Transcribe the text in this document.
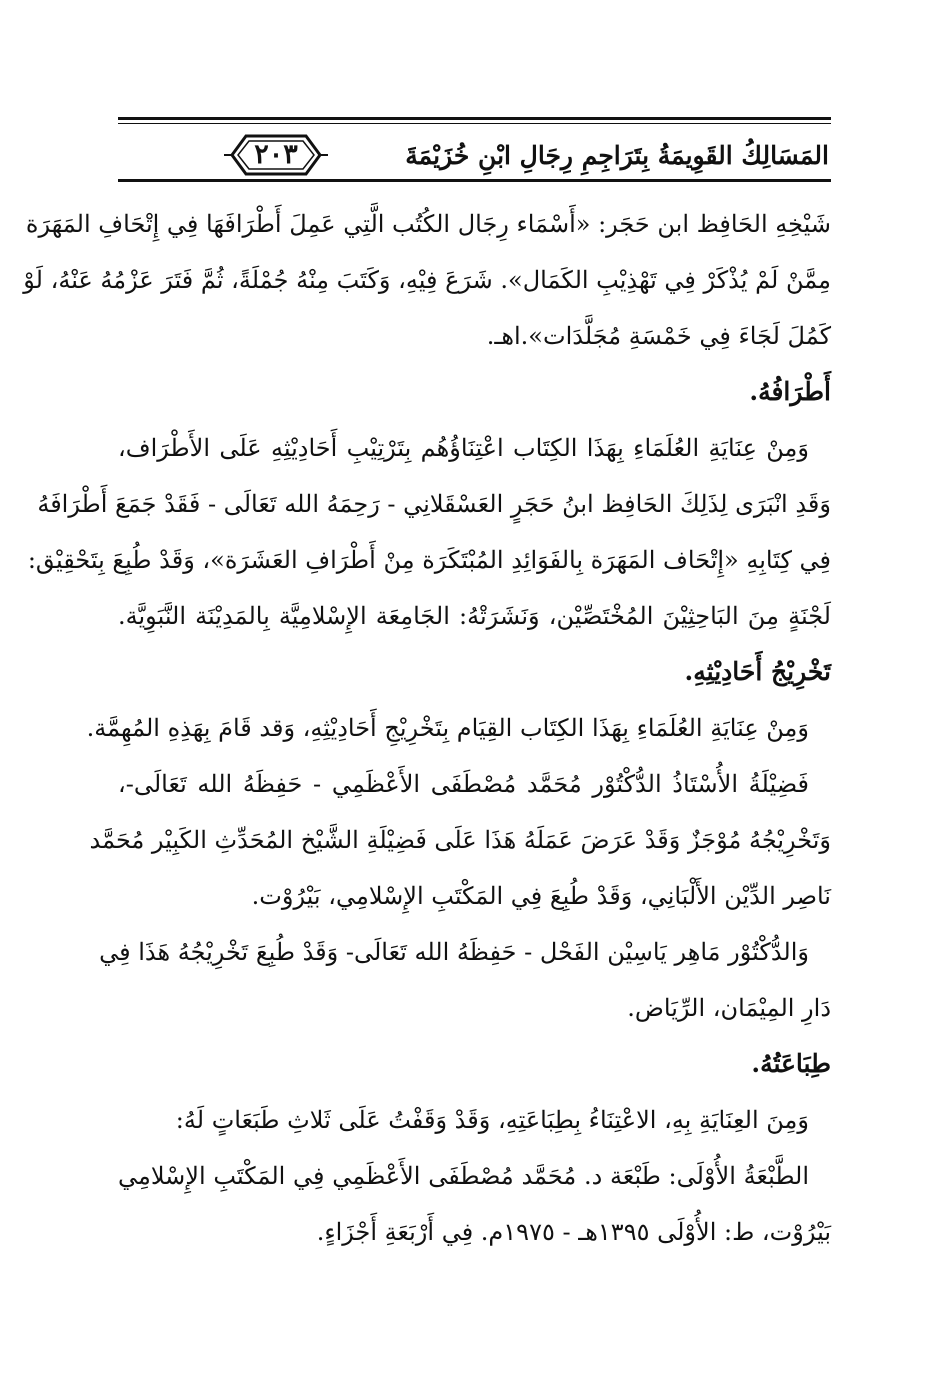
المَسَالِكُ القَوِيمَةُ بِتَرَاجِمِ رِجَالِ ابْنِ خُزَيْمَةَ
٢٠٣
شَيْخِهِ الحَافِظ ابن حَجَر: «أَسْمَاء رِجَال الكُتُب الَّتِي عَمِلَ أَطْرَافَهَا فِي إِتْحَافِ المَهَرَة
مِمَّنْ لَمْ يُذْكَرْ فِي تَهْذِيْبِ الكَمَال». شَرَعَ فِيْهِ، وَكَتَبَ مِنْهُ جُمْلَةً، ثُمَّ فَتَرَ عَزْمُهُ عَنْهُ، لَوْ
كَمُلَ لَجَاءَ فِي خَمْسَةِ مُجَلَّدَات».اهـ.
أَطْرَافُهُ.
وَمِنْ عِنَايَةِ العُلَمَاءِ بِهَذَا الكِتَاب اعْتِنَاؤُهُم بِتَرْتِيْبِ أَحَادِيْثِهِ عَلَى الأَطْرَاف،
وَقَدِ انْبَرَى لِذَلِكَ الحَافِظ ابنُ حَجَرٍ العَسْقَلانِي - رَحِمَهُ الله تَعَالَى - فَقَدْ جَمَعَ أَطْرَافَهُ
فِي كِتَابِهِ «إِتْحَاف المَهَرَة بِالفَوَائِدِ المُبْتَكَرَة مِنْ أَطْرَافِ العَشَرَة»، وَقَدْ طُبِعَ بِتَحْقِيْق:
لَجْنَةٍ مِنَ البَاحِثِيْنَ المُخْتَصِّيْن، وَنَشَرَتْهُ: الجَامِعَة الإِسْلامِيَّة بِالمَدِيْنَة النَّبَوِيَّة.
تَخْرِيْجُ أَحَادِيْثِهِ.
وَمِنْ عِنَايَةِ العُلَمَاءِ بِهَذَا الكِتَاب القِيَام بِتَخْرِيْجِ أَحَادِيْثِهِ، وَقد قَامَ بِهَذِهِ المُهِمَّة.
فَضِيْلَةُ الأُسْتَاذُ الدُّكْتُوْر مُحَمَّد مُصْطَفَى الأَعْظَمِي - حَفِظَهُ الله تَعَالَى-،
وَتَخْرِيْجُهُ مُوْجَزٌ وَقَدْ عَرَضَ عَمَلَهُ هَذَا عَلَى فَضِيْلَةِ الشَّيْخ المُحَدِّثِ الكَبِيْر مُحَمَّد
نَاصِر الدِّيْن الأَلْبَانِي، وَقَدْ طُبِعَ فِي المَكْتَبِ الإِسْلامِي، بَيْرُوْت.
وَالدُّكْتُوْر مَاهِر يَاسِيْن الفَحْل - حَفِظَهُ الله تَعَالَى- وَقَدْ طُبِعَ تَخْرِيْجُهُ هَذَا فِي
دَارِ المِيْمَان، الرِّيَاض.
طِبَاعَتُهُ.
وَمِنَ العِنَايَةِ بِهِ، الاعْتِنَاءُ بِطِبَاعَتِهِ، وَقَدْ وَقَفْتُ عَلَى ثَلاثِ طَبَعَاتٍ لَهُ:
الطَّبْعَةُ الأُوْلَى: طَبْعَة د. مُحَمَّد مُصْطَفَى الأَعْظَمِي فِي المَكْتَبِ الإِسْلامِي
بَيْرُوْت، ط: الأُوْلَى ١٣٩٥هـ - ١٩٧٥م. فِي أَرْبَعَةِ أَجْزَاءٍ.
